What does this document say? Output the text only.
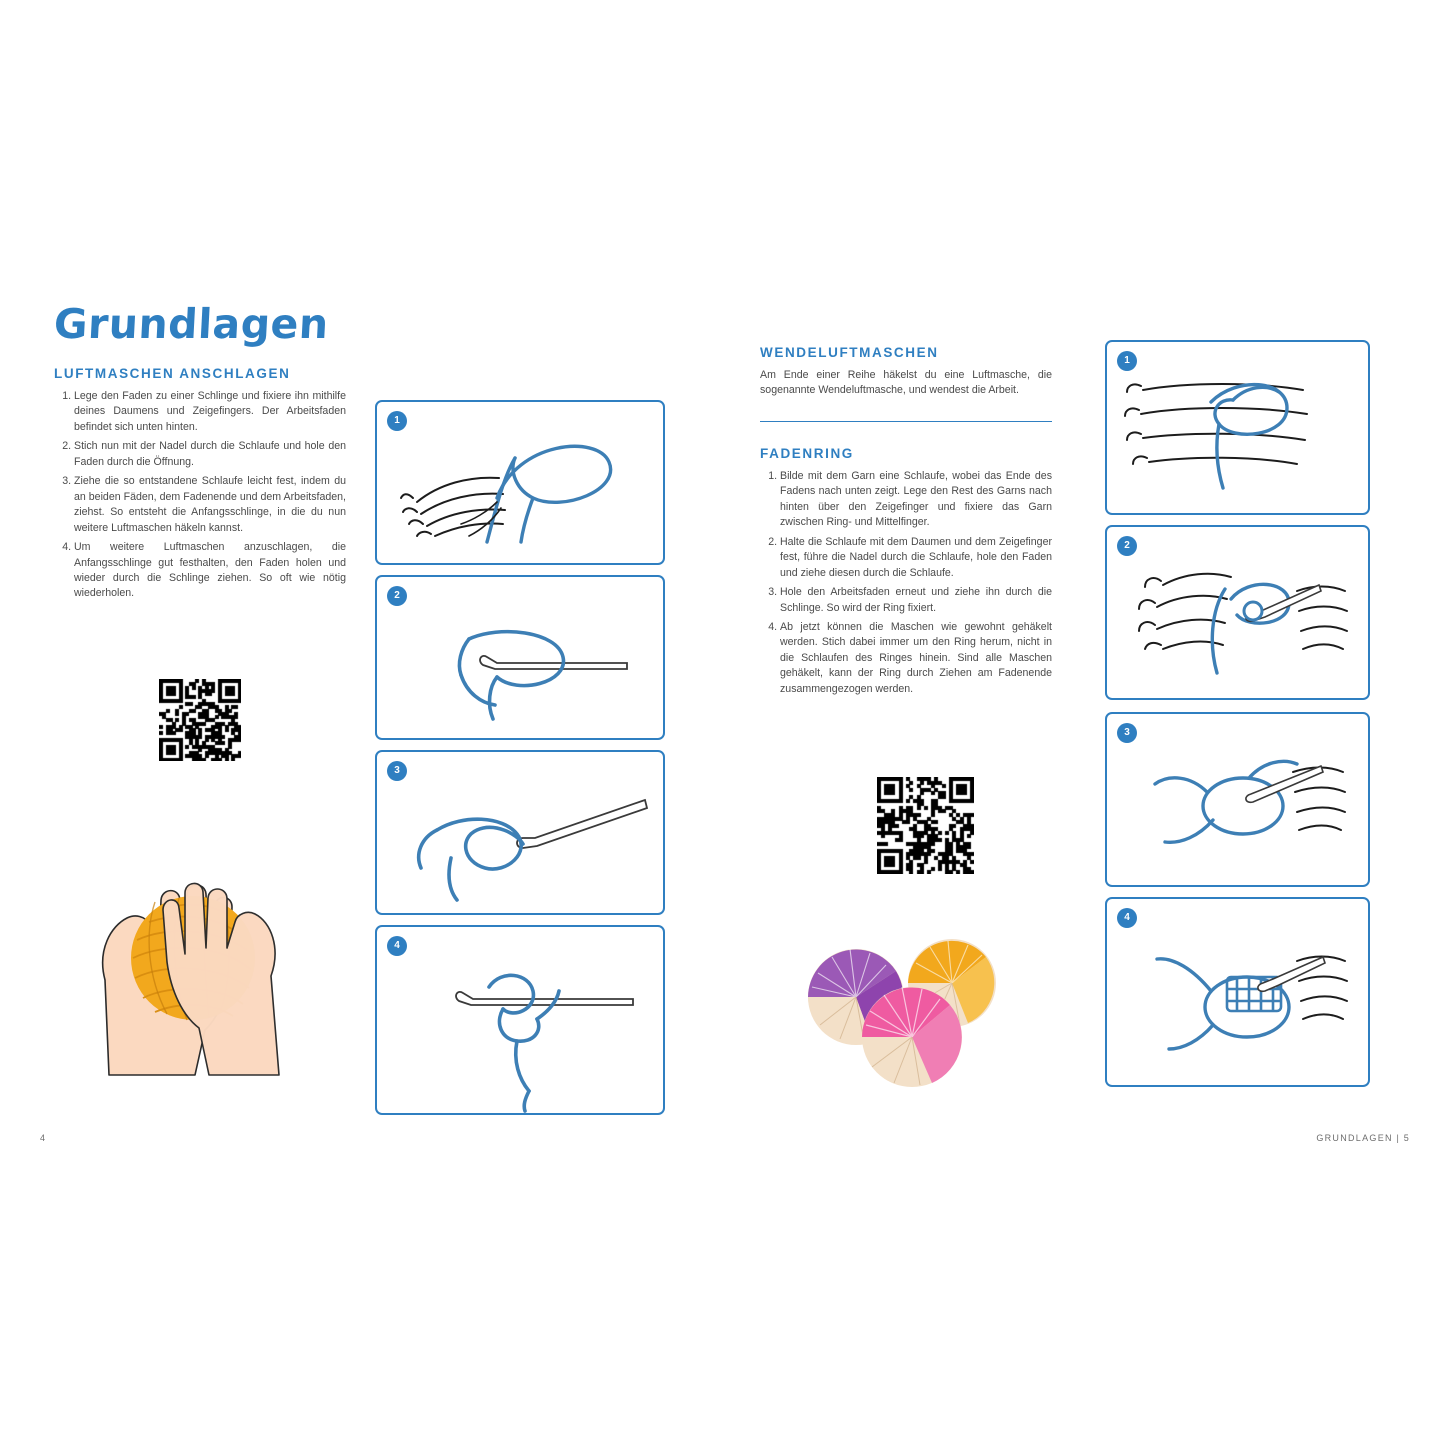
Grundlagen
LUFTMASCHEN ANSCHLAGEN
1. Lege den Faden zu einer Schlinge und fixiere ihn mithilfe deines Daumens und Zeigefingers. Der Arbeitsfaden befindet sich unten hinten.
2. Stich nun mit der Nadel durch die Schlaufe und hole den Faden durch die Öffnung.
3. Ziehe die so entstandene Schlaufe leicht fest, indem du an beiden Fäden, dem Fadenende und dem Arbeitsfaden, ziehst. So entsteht die Anfangsschlinge, in die du nun weitere Luftmaschen häkeln kannst.
4. Um weitere Luftmaschen anzuschlagen, die Anfangsschlinge gut festhalten, den Faden holen und wieder durch die Schlinge ziehen. So oft wie nötig wiederholen.
1
2
3
4
4
WENDELUFTMASCHEN

Am Ende einer Reihe häkelst du eine Luftmasche, die sogenannte Wendeluftmasche, und wendest die Arbeit.

FADENRING
1. Bilde mit dem Garn eine Schlaufe, wobei das Ende des Fadens nach unten zeigt. Lege den Rest des Garns nach hinten über den Zeigefinger und fixiere das Garn zwischen Ring- und Mittelfinger.
2. Halte die Schlaufe mit dem Daumen und dem Zeigefinger fest, führe die Nadel durch die Schlaufe, hole den Faden und ziehe diesen durch die Schlaufe.
3. Hole den Arbeitsfaden erneut und ziehe ihn durch die Schlinge. So wird der Ring fixiert.
4. Ab jetzt können die Maschen wie gewohnt gehäkelt werden. Stich dabei immer um den Ring herum, nicht in die Schlaufen des Ringes hinein. Sind alle Maschen gehäkelt, kann der Ring durch Ziehen am Fadenende zusammengezogen werden.
1
2
3
4
GRUNDLAGEN | 5
